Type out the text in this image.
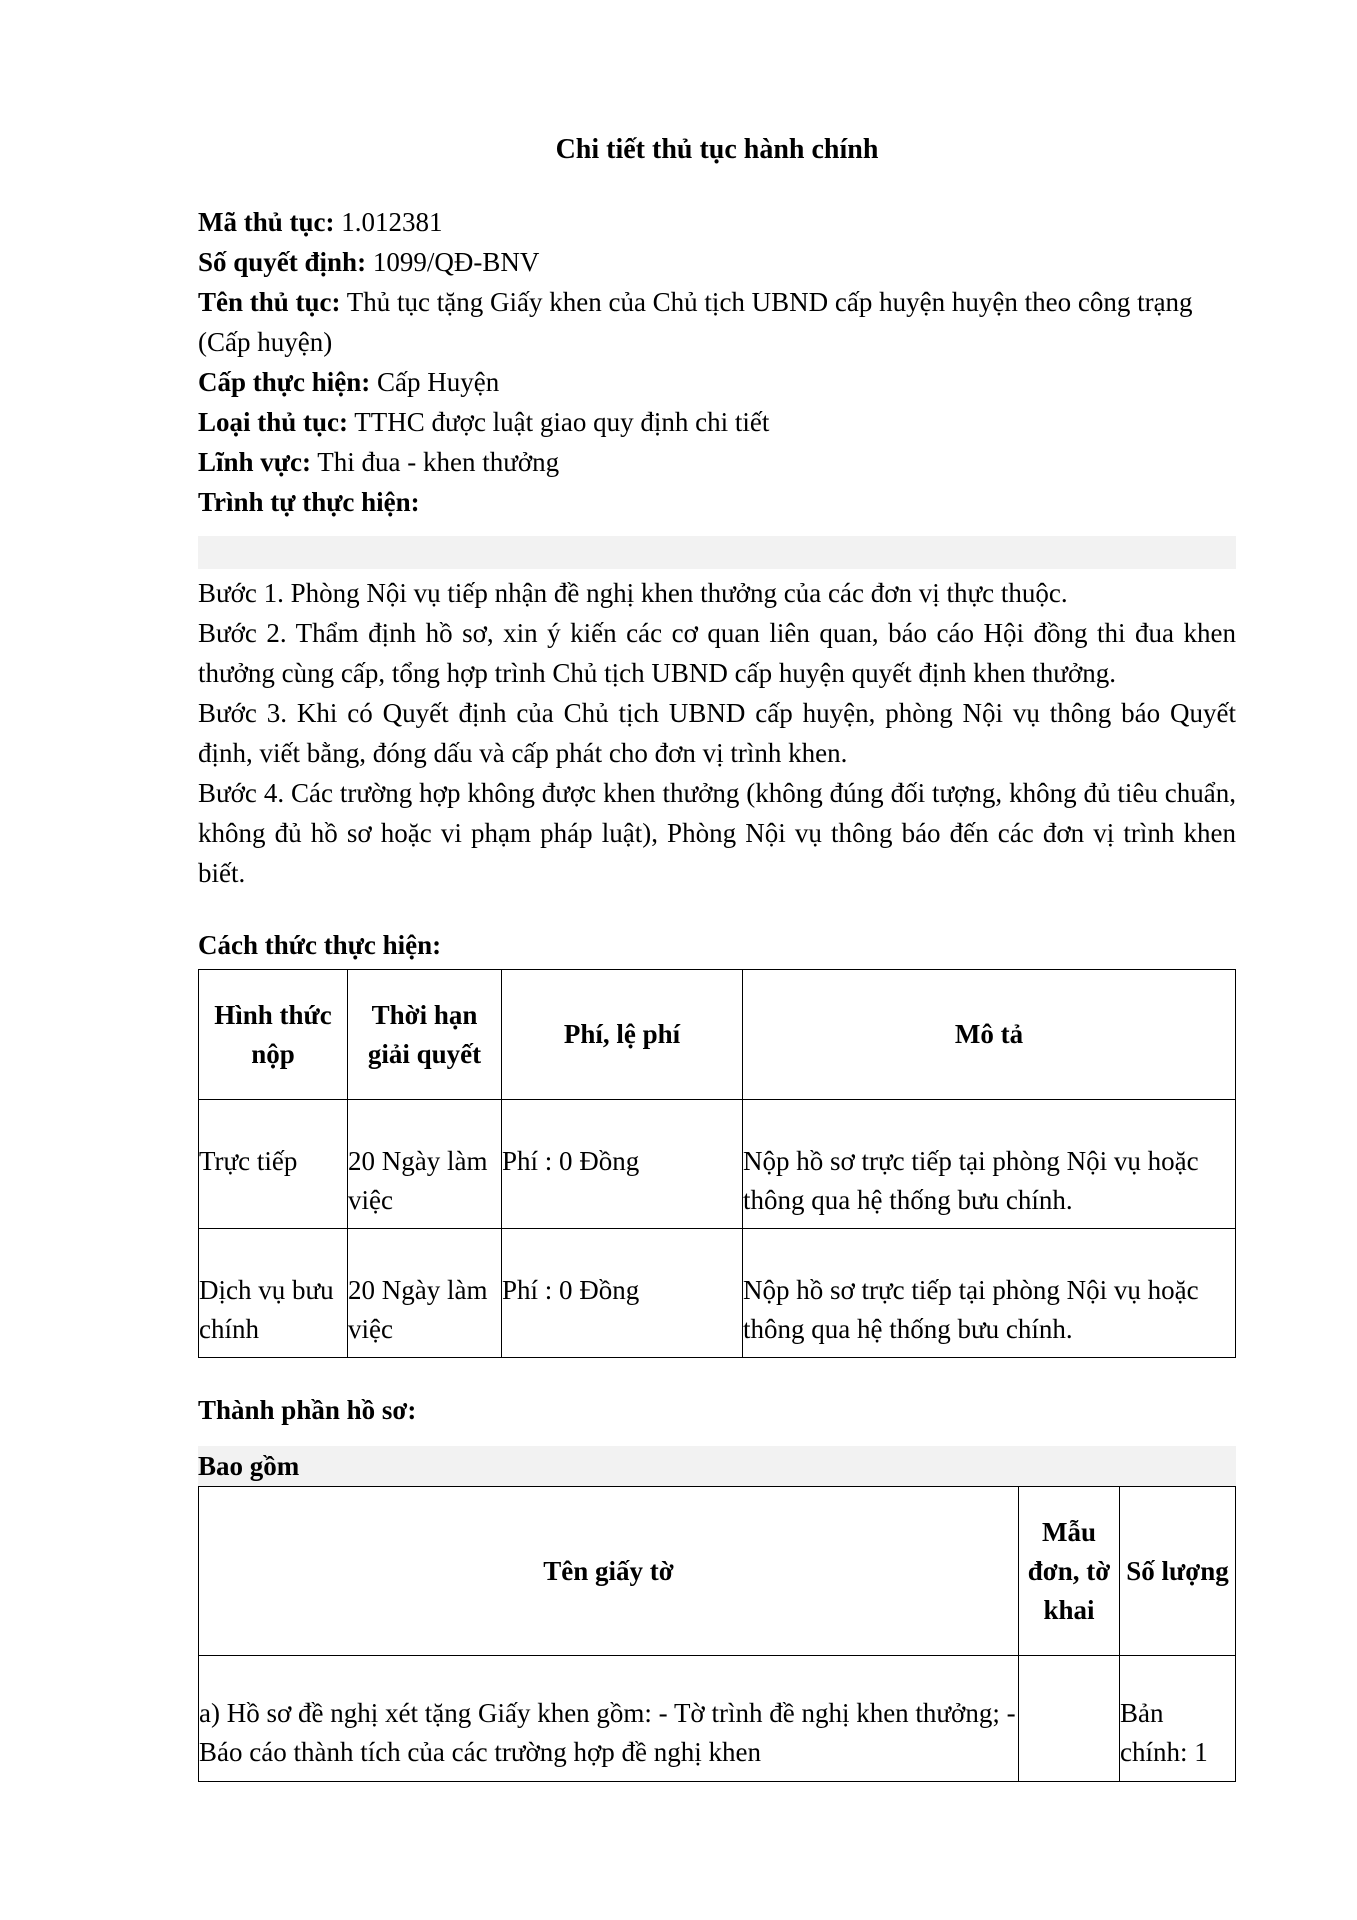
Chi tiết thủ tục hành chính

Mã thủ tục: 1.012381

Số quyết định: 1099/QĐ-BNV

Tên thủ tục: Thủ tục tặng Giấy khen của Chủ tịch UBND cấp huyện huyện theo công trạng (Cấp huyện)

Cấp thực hiện: Cấp Huyện

Loại thủ tục: TTHC được luật giao quy định chi tiết

Lĩnh vực: Thi đua - khen thưởng

Trình tự thực hiện:

Bước 1. Phòng Nội vụ tiếp nhận đề nghị khen thưởng của các đơn vị thực thuộc.

Bước 2. Thẩm định hồ sơ, xin ý kiến các cơ quan liên quan, báo cáo Hội đồng thi đua khen thưởng cùng cấp, tổng hợp trình Chủ tịch UBND cấp huyện quyết định khen thưởng.

Bước 3. Khi có Quyết định của Chủ tịch UBND cấp huyện, phòng Nội vụ thông báo Quyết định, viết bằng, đóng dấu và cấp phát cho đơn vị trình khen.

Bước 4. Các trường hợp không được khen thưởng (không đúng đối tượng, không đủ tiêu chuẩn, không đủ hồ sơ hoặc vi phạm pháp luật), Phòng Nội vụ thông báo đến các đơn vị trình khen biết.

Cách thức thực hiện:

Hình thức nộp	Thời hạn giải quyết	Phí, lệ phí	Mô tả
Trực tiếp	20 Ngày làm việc	Phí : 0 Đồng	Nộp hồ sơ trực tiếp tại phòng Nội vụ hoặc thông qua hệ thống bưu chính.
Dịch vụ bưu chính	20 Ngày làm việc	Phí : 0 Đồng	Nộp hồ sơ trực tiếp tại phòng Nội vụ hoặc thông qua hệ thống bưu chính.

Thành phần hồ sơ:

Bao gồm

Tên giấy tờ	Mẫu đơn, tờ khai	Số lượng
a) Hồ sơ đề nghị xét tặng Giấy khen gồm: - Tờ trình đề nghị khen thưởng; - Báo cáo thành tích của các trường hợp đề nghị khen		Bản chính: 1
